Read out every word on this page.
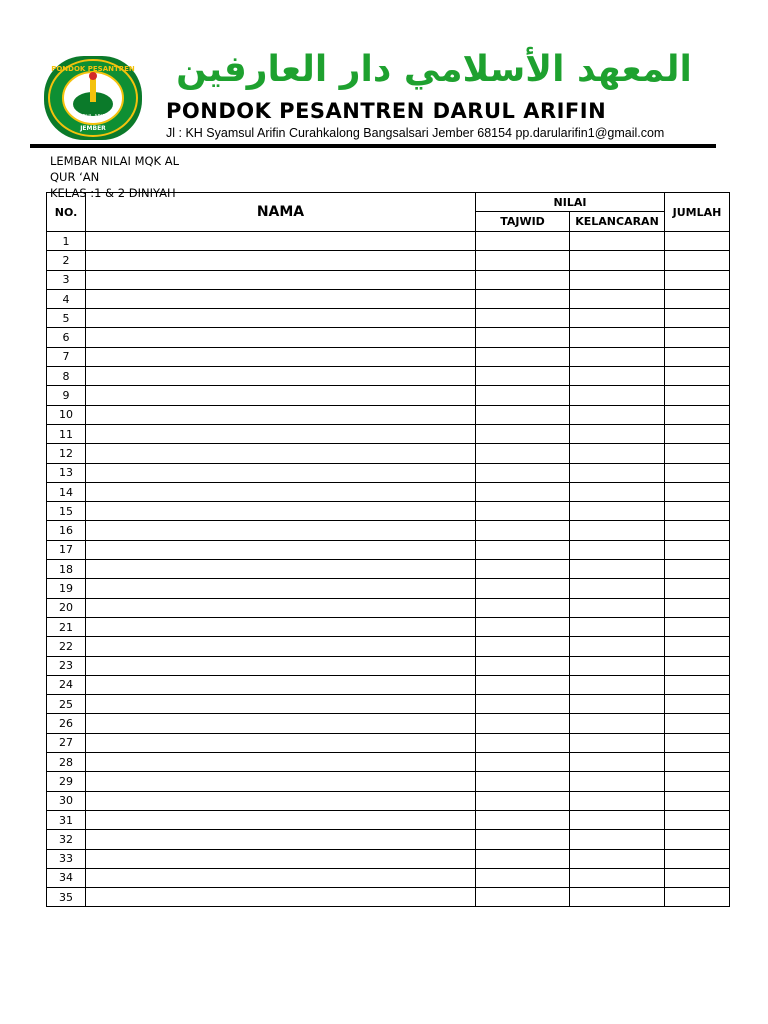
PONDOK PESANTREN
DARUL ARIFIN
JEMBER
المعهد الأسلامي دار العارفين
PONDOK PESANTREN DARUL ARIFIN
Jl : KH Syamsul Arifin Curahkalong Bangsalsari Jember 68154 pp.darularifin1@gmail.com
LEMBAR NILAI MQK AL
QUR ‘AN
KELAS :1 & 2 DINIYAH
NO.	NAMA	NILAI		JUMLAH
		TAJWID	KELANCARAN	
1				
2				
3				
4				
5				
6				
7				
8				
9				
10				
11				
12				
13				
14				
15				
16				
17				
18				
19				
20				
21				
22				
23				
24				
25				
26				
27				
28				
29				
30				
31				
32				
33				
34				
35				
